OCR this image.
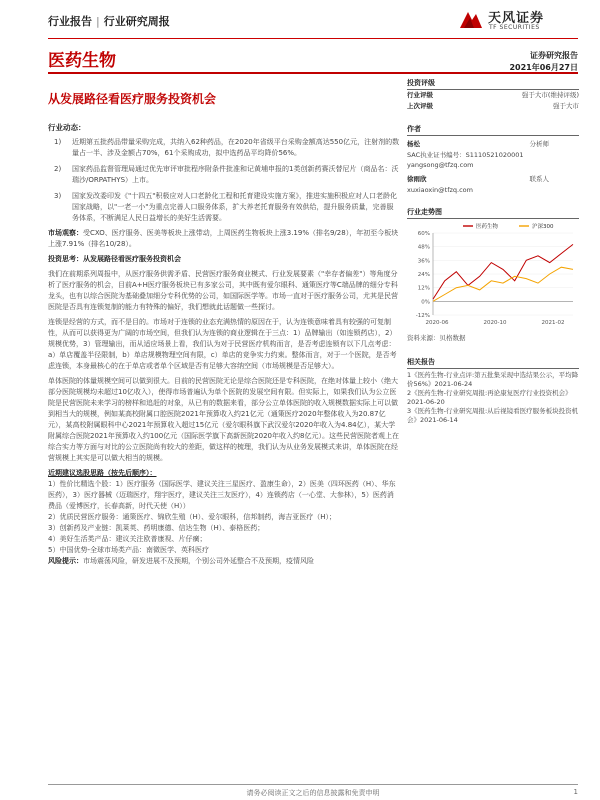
行业报告 | 行业研究周报	天风证券
TF SECURITIES
医药生物	证券研究报告
2021年06月27日
从发展路径看医疗服务投资机会
行业动态：
1) 近期第五批药品带量采购完成，共纳入62种药品，在2020年省级平台采购金额高达550亿元，注射剂的数量占一半、涉及金额占70%，61个采购成功，拟中选药品平均降价56%。
2) 国家药品监督管理局通过优先审评审批程序附条件批准和记黄埔申报的1类创新药赛沃替尼片（商品名：沃瑞沙/ORPATHYS）上市。
3) 国家发改委印发《"十四五"积极应对人口老龄化工程和托育建设实施方案》，推进实施积极应对人口老龄化国家战略，以"一老一小"为重点完善人口服务体系，扩大养老托育服务有效供给，提升服务质量，完善服务体系，不断满足人民日益增长的美好生活需要。

市场观察：受CXO、医疗服务、医美等板块上涨带动，上周医药生物板块上涨3.19%（排名9/28），年初至今板块上涨7.91%（排名10/28）。

投资思考：从发展路径看医疗服务投资机会

我们在前期系列周报中，从医疗服务供需矛盾、民营医疗服务商业模式、行业发展要素（"幸存者偏差"）等角度分析了医疗服务的机会，目前A+H医疗服务板块已有多家公司，其中既有爱尔眼科、通策医疗等C端品牌的细分专科龙头，也有以综合医院为基础叠加细分专科优势的公司，如国际医学等。市场一直对于医疗服务公司，尤其是民营医院是否具有连锁复制的能力有特殊的偏好，我们想就此话题做一些探讨。

连锁是经营的方式，而不是目的。市场对于连锁的业态充满热情的原因在于，认为连锁意味着具有较强的可复制性，从而可以获得更为广阔的市场空间，但我们认为连锁的商业逻辑在于三点：1）品牌输出（如连锁药店），2）规模优势，3）管理输出，而从适应场景上看，我们认为对于民营医疗机构而言，是否考虑连锁有以下几点考虑：a）单店覆盖半径限制，b）单店规模物理空间有限，c）单店的竞争实力约束。整体而言，对于一个医院，是否考虑连锁，本身最核心的在于单店或者单个区域是否有足够大容纳空间（市场规模是否足够大）。

单体医院的体量规模空间可以做到很大。目前的民营医院无论是综合医院还是专科医院，在绝对体量上较小（绝大部分医院规模均未超过10亿收入），使得市场普遍认为单个医院的发展空间有限。但实际上，如果我们认为公立医院是民营医院未来学习的榜样和追赶的对象，从已有的数据来看，部分公立单体医院的收入规模数据实际上可以做到相当大的规模，例如某高校附属口腔医院2021年预算收入约21亿元（通策医疗2020年整体收入为20.87亿元），某高校附属眼科中心2021年预算收入超过15亿元（爱尔眼科旗下武汉爱尔2020年收入为4.84亿），某大学附属综合医院2021年预算收入约100亿元（国际医学旗下高新医院2020年收入约8亿元）。这些民营医院者观上在综合实力等方面与对比的公立医院尚有较大的差距，做这样的梳理，我们认为从业务发展模式来讲，单体医院在经营规模上其实是可以做大相当的规模。

近期建议选股思路（按先后顺序）：
1）性价比精选个股：1）医疗服务（国际医学、建议关注三星医疗、盈康生命），2）医美（四环医药（H）、华东医药），3）医疗器械（迈瑞医疗，翔宇医疗，建议关注三友医疗），4）连锁药店（一心堂、大参林），5）医药消费品（爱博医疗，长春高新，时代天使（H））
2）优质民营医疗服务：通策医疗、锦欣生殖（H）、爱尔眼科，信邦制药，海吉亚医疗（H）；
3）创新药及产业链：凯莱英、药明康德、信达生物（H）、泰格医药；
4）美好生活类产品：建议关注欧普康视、片仔癀；
5）中国优势-全球市场类产品：南微医学、英科医疗

风险提示：市场震荡风险，研发进展不及预期，个别公司外延整合不及预期，疫情风险

投资评级
行业评级	强于大市(维持评级)
上次评级	强于大市
作者
杨松	分析师
SAC执业证书编号：S1110521020001
yangsong@tfzq.com
徐雨欣	联系人
xuxiaoxin@tfzq.com
行业走势图
60%
48%
36%
24%
12%
0%
-12%
2020-06	2020-10	2021-02
医药生物	沪深300
资料来源：贝格数据
相关报告
1《医药生物-行业点评:第五批集采现中选结果公示，平均降价56%》2021-06-24
2《医药生物-行业研究周报:再论康复医疗行业投资机会》2021-06-20
3《医药生物-行业研究周报:从后视镜看医疗服务板块投资机会》2021-06-14
请务必阅读正文之后的信息披露和免责申明	1
